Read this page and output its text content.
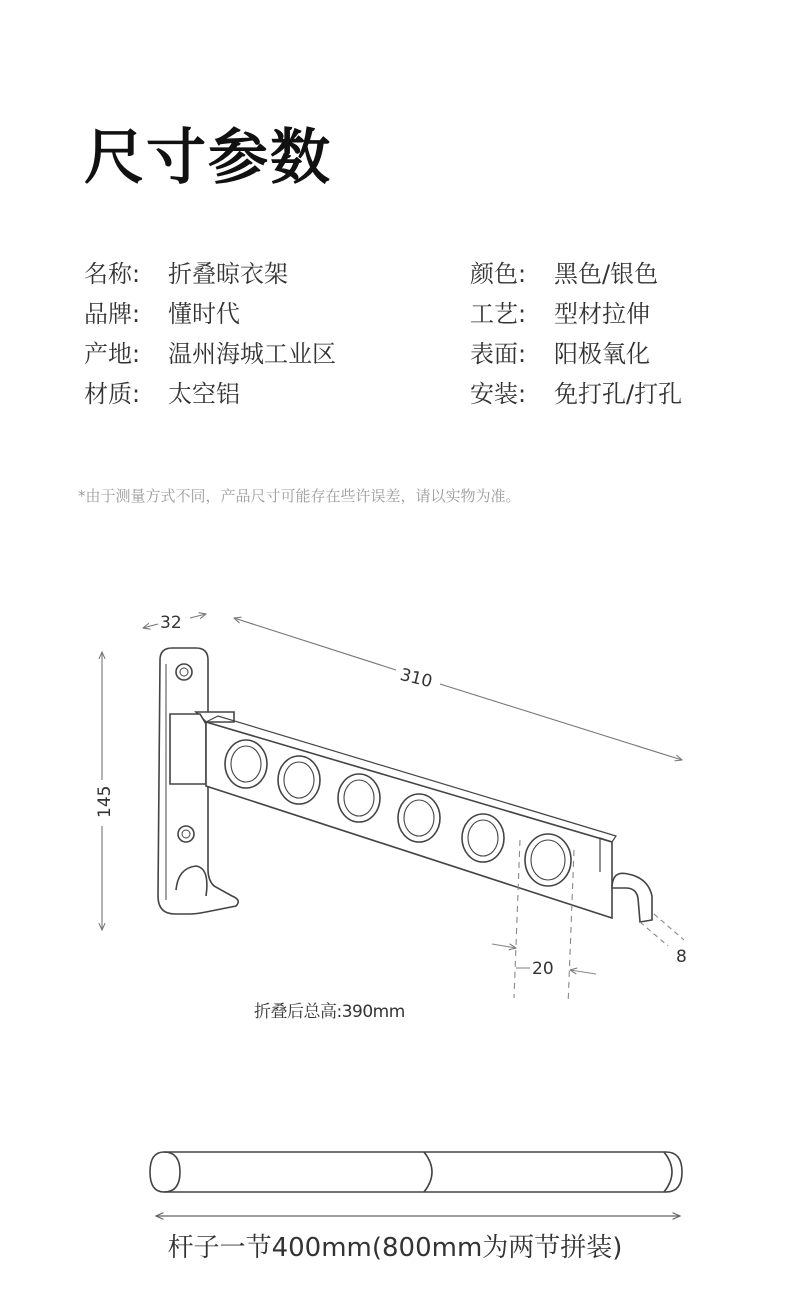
尺寸参数
名称: 折叠晾衣架
品牌: 懂时代
产地: 温州海城工业区
材质: 太空铝
颜色: 黑色/银色
工艺: 型材拉伸
表面: 阳极氧化
安装: 免打孔/打孔
*由于测量方式不同，产品尺寸可能存在些许误差，请以实物为准。
32
310
145
20
8
折叠后总高:390mm
杆子一节400mm(800mm为两节拼装)
